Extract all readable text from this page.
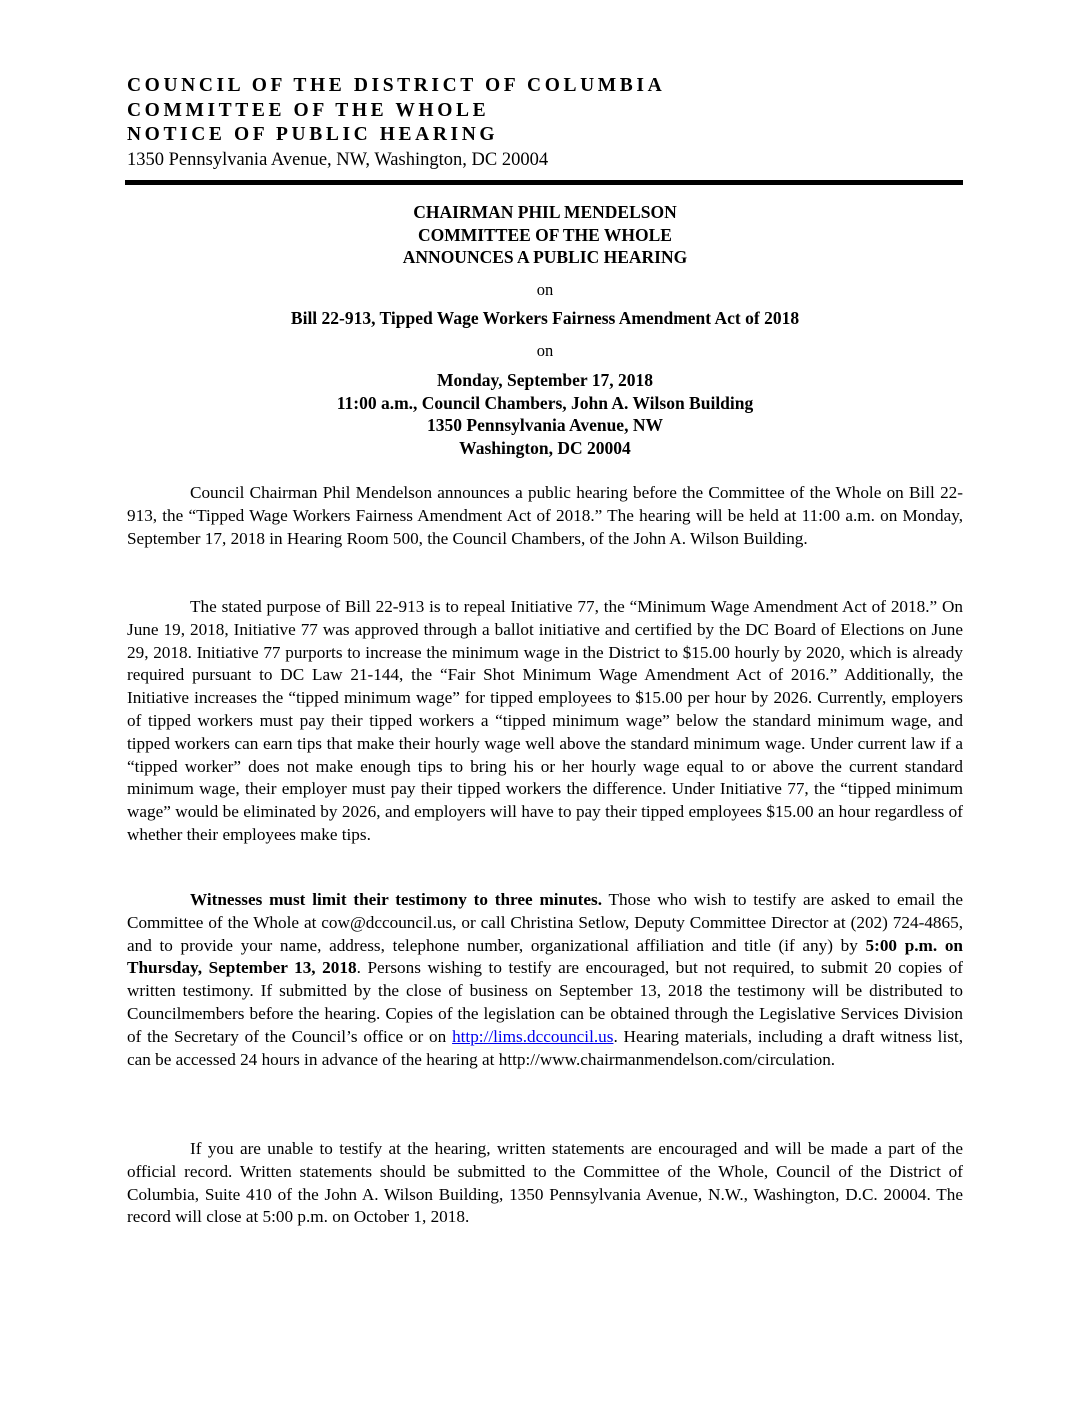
COUNCIL OF THE DISTRICT OF COLUMBIA
COMMITTEE OF THE WHOLE
NOTICE OF PUBLIC HEARING
1350 Pennsylvania Avenue, NW, Washington, DC 20004
CHAIRMAN PHIL MENDELSON
COMMITTEE OF THE WHOLE
ANNOUNCES A PUBLIC HEARING
on
Bill 22-913, Tipped Wage Workers Fairness Amendment Act of 2018
on
Monday, September 17, 2018
11:00 a.m., Council Chambers, John A. Wilson Building
1350 Pennsylvania Avenue, NW
Washington, DC 20004

Council Chairman Phil Mendelson announces a public hearing before the Committee of the Whole on Bill 22-913, the “Tipped Wage Workers Fairness Amendment Act of 2018.” The hearing will be held at 11:00 a.m. on Monday, September 17, 2018 in Hearing Room 500, the Council Chambers, of the John A. Wilson Building.

The stated purpose of Bill 22-913 is to repeal Initiative 77, the “Minimum Wage Amendment Act of 2018.” On June 19, 2018, Initiative 77 was approved through a ballot initiative and certified by the DC Board of Elections on June 29, 2018. Initiative 77 purports to increase the minimum wage in the District to $15.00 hourly by 2020, which is already required pursuant to DC Law 21-144, the “Fair Shot Minimum Wage Amendment Act of 2016.” Additionally, the Initiative increases the “tipped minimum wage” for tipped employees to $15.00 per hour by 2026. Currently, employers of tipped workers must pay their tipped workers a “tipped minimum wage” below the standard minimum wage, and tipped workers can earn tips that make their hourly wage well above the standard minimum wage. Under current law if a “tipped worker” does not make enough tips to bring his or her hourly wage equal to or above the current standard minimum wage, their employer must pay their tipped workers the difference. Under Initiative 77, the “tipped minimum wage” would be eliminated by 2026, and employers will have to pay their tipped employees $15.00 an hour regardless of whether their employees make tips.

Witnesses must limit their testimony to three minutes. Those who wish to testify are asked to email the Committee of the Whole at cow@dccouncil.us, or call Christina Setlow, Deputy Committee Director at (202) 724-4865, and to provide your name, address, telephone number, organizational affiliation and title (if any) by 5:00 p.m. on Thursday, September 13, 2018. Persons wishing to testify are encouraged, but not required, to submit 20 copies of written testimony. If submitted by the close of business on September 13, 2018 the testimony will be distributed to Councilmembers before the hearing. Copies of the legislation can be obtained through the Legislative Services Division of the Secretary of the Council’s office or on http://lims.dccouncil.us. Hearing materials, including a draft witness list, can be accessed 24 hours in advance of the hearing at http://www.chairmanmendelson.com/circulation.

If you are unable to testify at the hearing, written statements are encouraged and will be made a part of the official record. Written statements should be submitted to the Committee of the Whole, Council of the District of Columbia, Suite 410 of the John A. Wilson Building, 1350 Pennsylvania Avenue, N.W., Washington, D.C. 20004. The record will close at 5:00 p.m. on October 1, 2018.
